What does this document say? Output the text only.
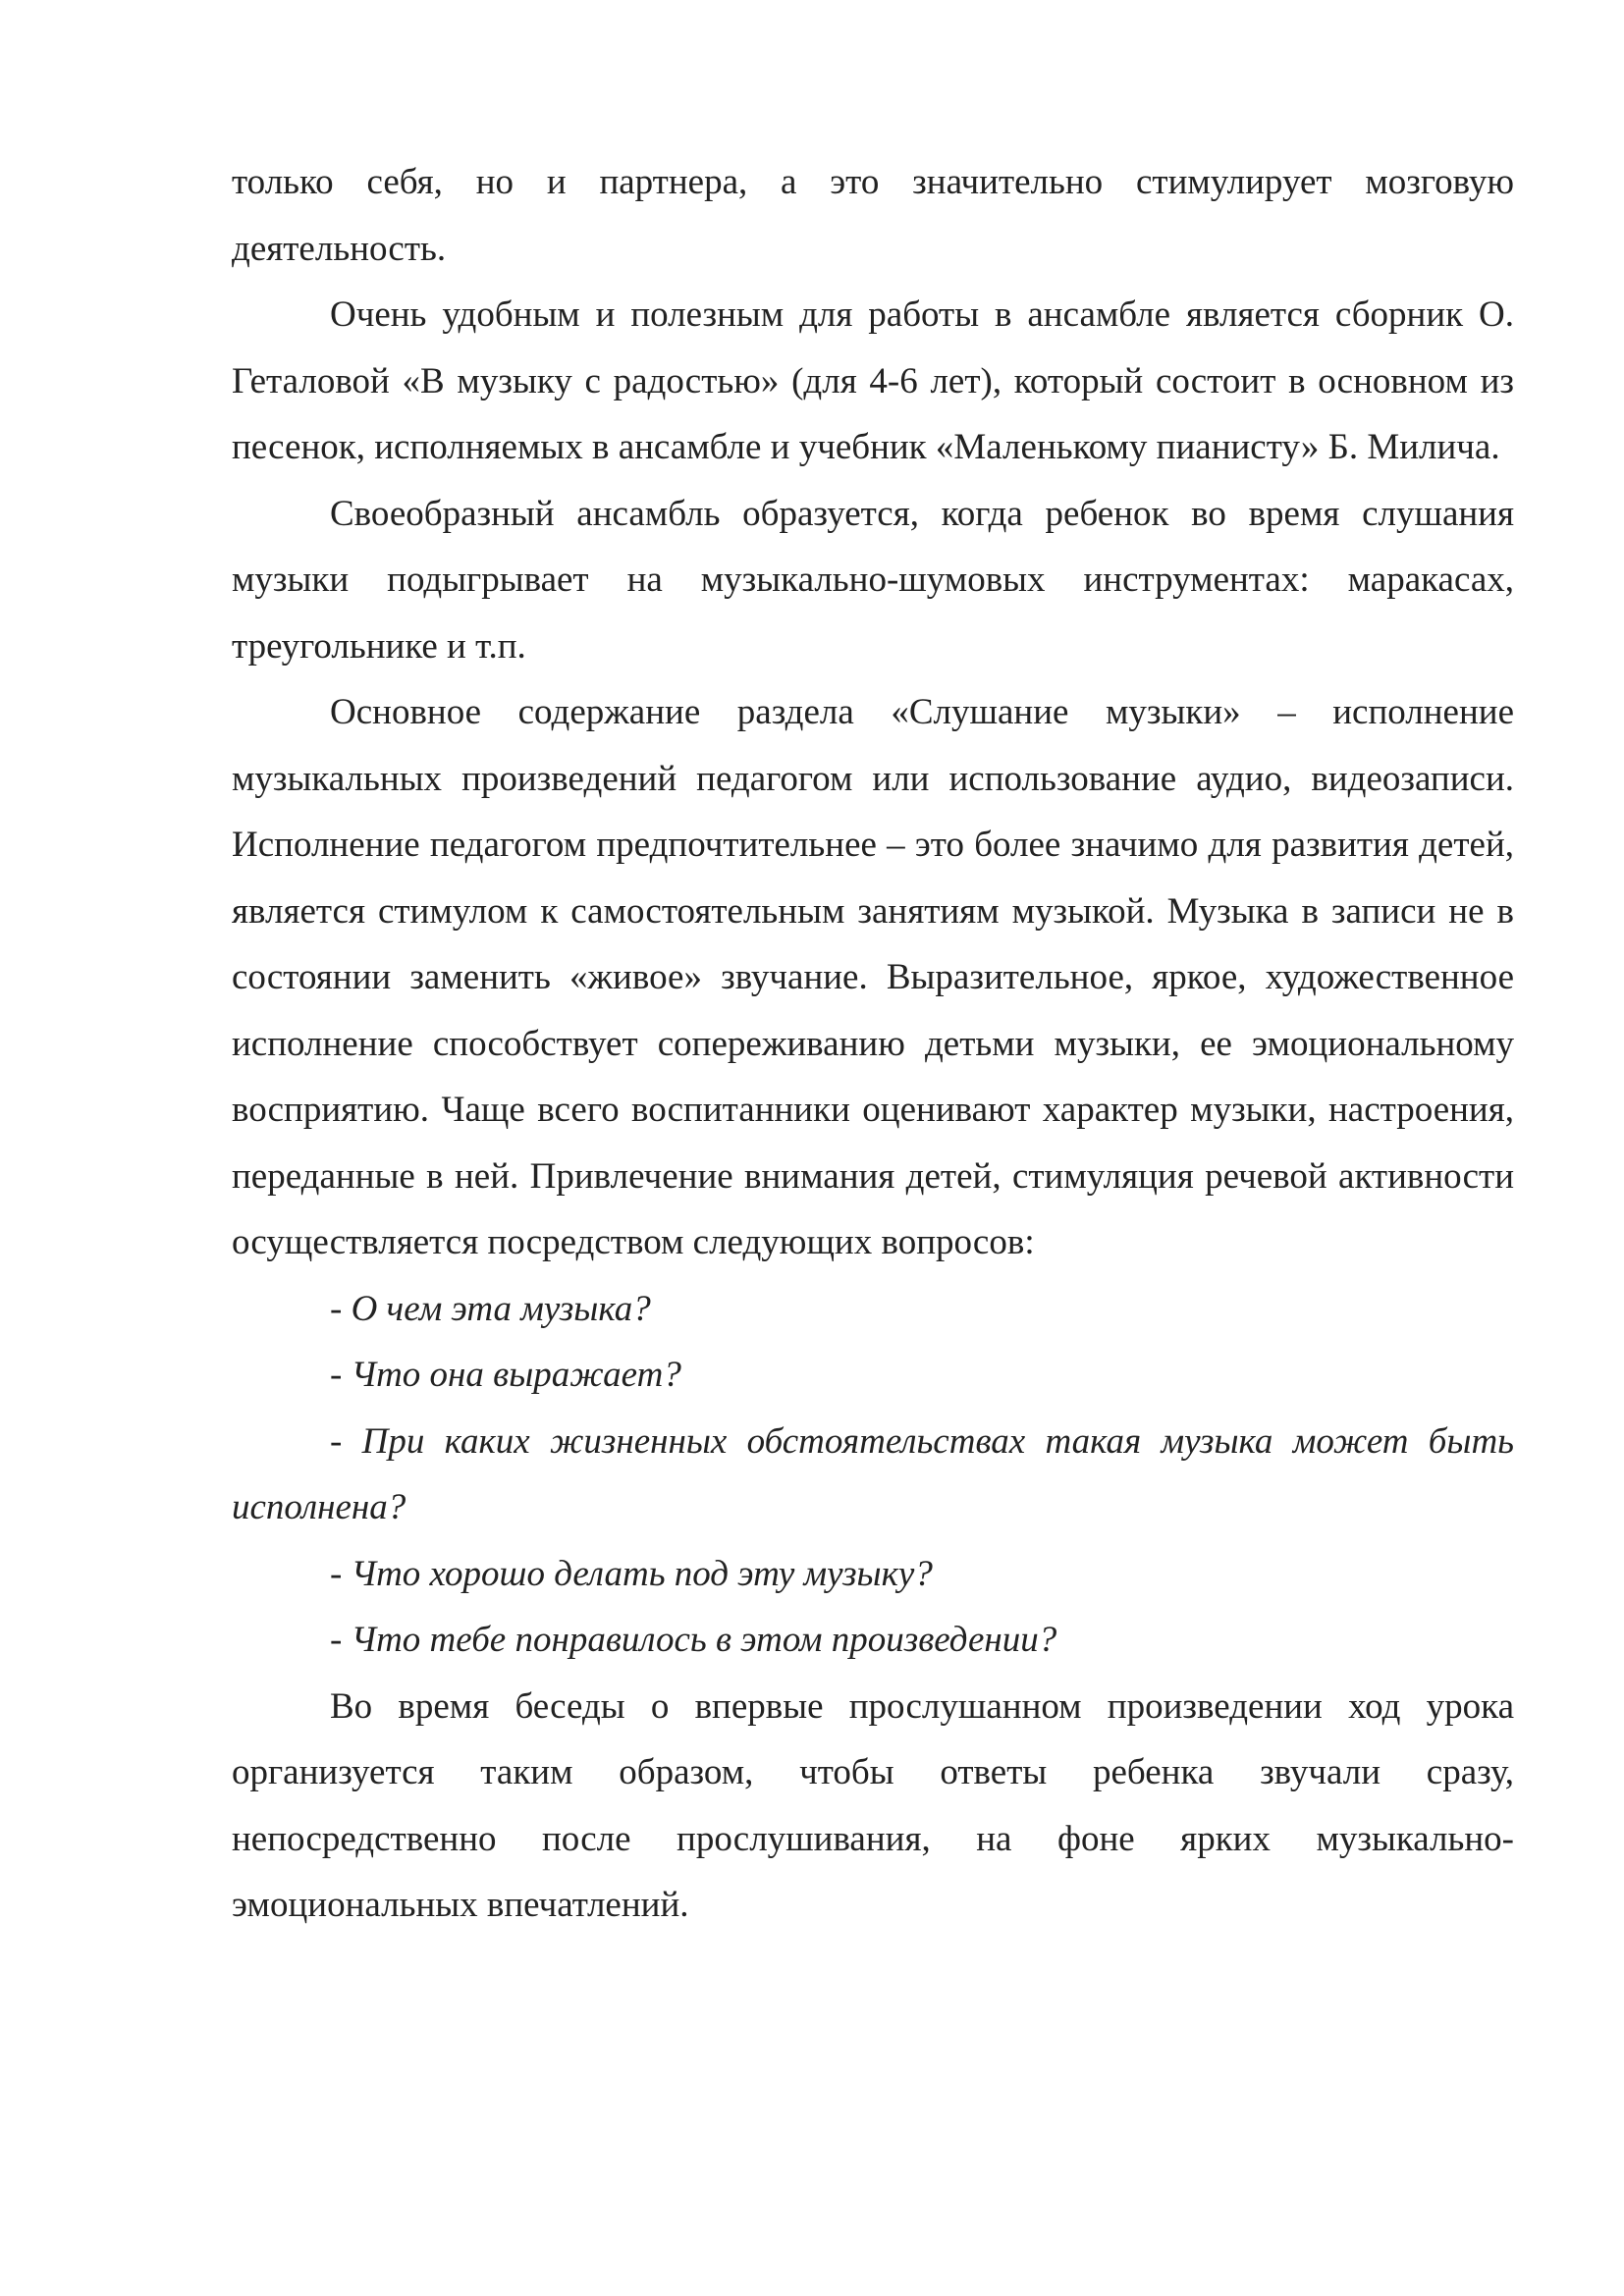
только себя, но и партнера, а это значительно стимулирует мозговую деятельность.

Очень удобным и полезным для работы в ансамбле является сборник О. Геталовой «В музыку с радостью» (для 4-6 лет), который состоит в основном из песенок, исполняемых в ансамбле и учебник «Маленькому пианисту» Б. Милича.

Своеобразный ансамбль образуется, когда ребенок во время слушания музыки подыгрывает на музыкально-шумовых инструментах: маракасах, треугольнике и т.п.

Основное содержание раздела «Слушание музыки» – исполнение музыкальных произведений педагогом или использование аудио, видеозаписи. Исполнение педагогом предпочтительнее – это более значимо для развития детей, является стимулом к самостоятельным занятиям музыкой. Музыка в записи не в состоянии заменить «живое» звучание. Выразительное, яркое, художественное исполнение способствует сопереживанию детьми музыки, ее эмоциональному восприятию. Чаще всего воспитанники оценивают характер музыки, настроения, переданные в ней. Привлечение внимания детей, стимуляция речевой активности осуществляется посредством следующих вопросов:

- О чем эта музыка?

- Что она выражает?

- При каких жизненных обстоятельствах такая музыка может быть исполнена?

- Что хорошо делать под эту музыку?

- Что тебе понравилось в этом произведении?

Во время беседы о впервые прослушанном произведении ход урока организуется таким образом, чтобы ответы ребенка звучали сразу, непосредственно после прослушивания, на фоне ярких музыкально-эмоциональных впечатлений.
